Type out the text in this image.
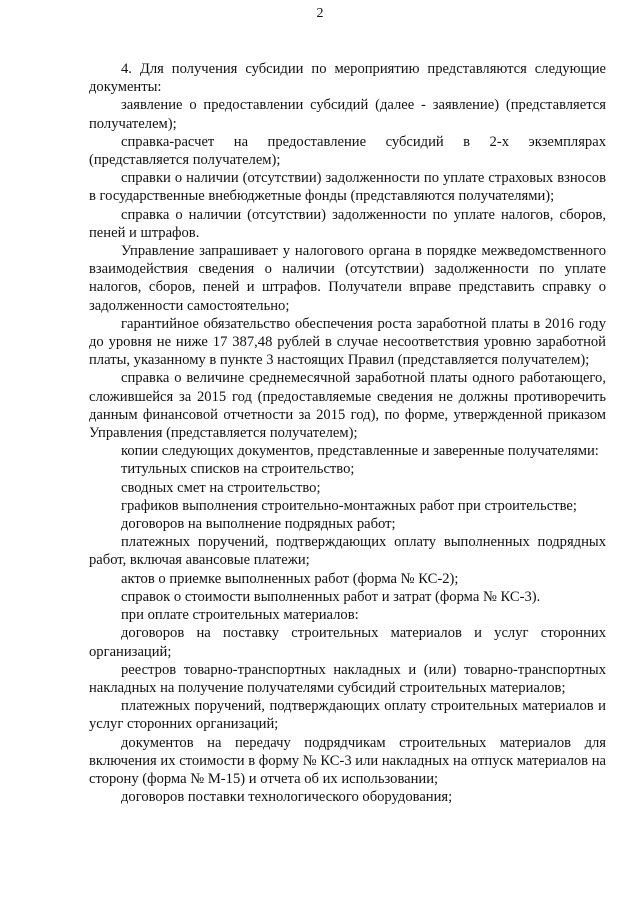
2

4. Для получения субсидии по мероприятию представляются следующие документы:

заявление о предоставлении субсидий (далее - заявление) (представляется получателем);

справка-расчет на предоставление субсидий в 2-х экземплярах (представляется получателем);

справки о наличии (отсутствии) задолженности по уплате страховых взносов в государственные внебюджетные фонды (представляются получателями);

справка о наличии (отсутствии) задолженности по уплате налогов, сборов, пеней и штрафов.

Управление запрашивает у налогового органа в порядке межведомственного взаимодействия сведения о наличии (отсутствии) задолженности по уплате налогов, сборов, пеней и штрафов. Получатели вправе представить справку о задолженности самостоятельно;

гарантийное обязательство обеспечения роста заработной платы в 2016 году до уровня не ниже 17 387,48 рублей в случае несоответствия уровню заработной платы, указанному в пункте 3 настоящих Правил (представляется получателем);

справка о величине среднемесячной заработной платы одного работающего, сложившейся за 2015 год (предоставляемые сведения не должны противоречить данным финансовой отчетности за 2015 год), по форме, утвержденной приказом Управления (представляется получателем);

копии следующих документов, представленные и заверенные получателями:

титульных списков на строительство;

сводных смет на строительство;

графиков выполнения строительно-монтажных работ при строительстве;

договоров на выполнение подрядных работ;

платежных поручений, подтверждающих оплату выполненных подрядных работ, включая авансовые платежи;

актов о приемке выполненных работ (форма № КС-2);

справок о стоимости выполненных работ и затрат (форма № КС-3).

при оплате строительных материалов:

договоров на поставку строительных материалов и услуг сторонних организаций;

реестров товарно-транспортных накладных и (или) товарно-транспортных накладных на получение получателями субсидий строительных материалов;

платежных поручений, подтверждающих оплату строительных материалов и услуг сторонних организаций;

документов на передачу подрядчикам строительных материалов для включения их стоимости в форму № КС-3 или накладных на отпуск материалов на сторону (форма № М-15) и отчета об их использовании;

договоров поставки технологического оборудования;
